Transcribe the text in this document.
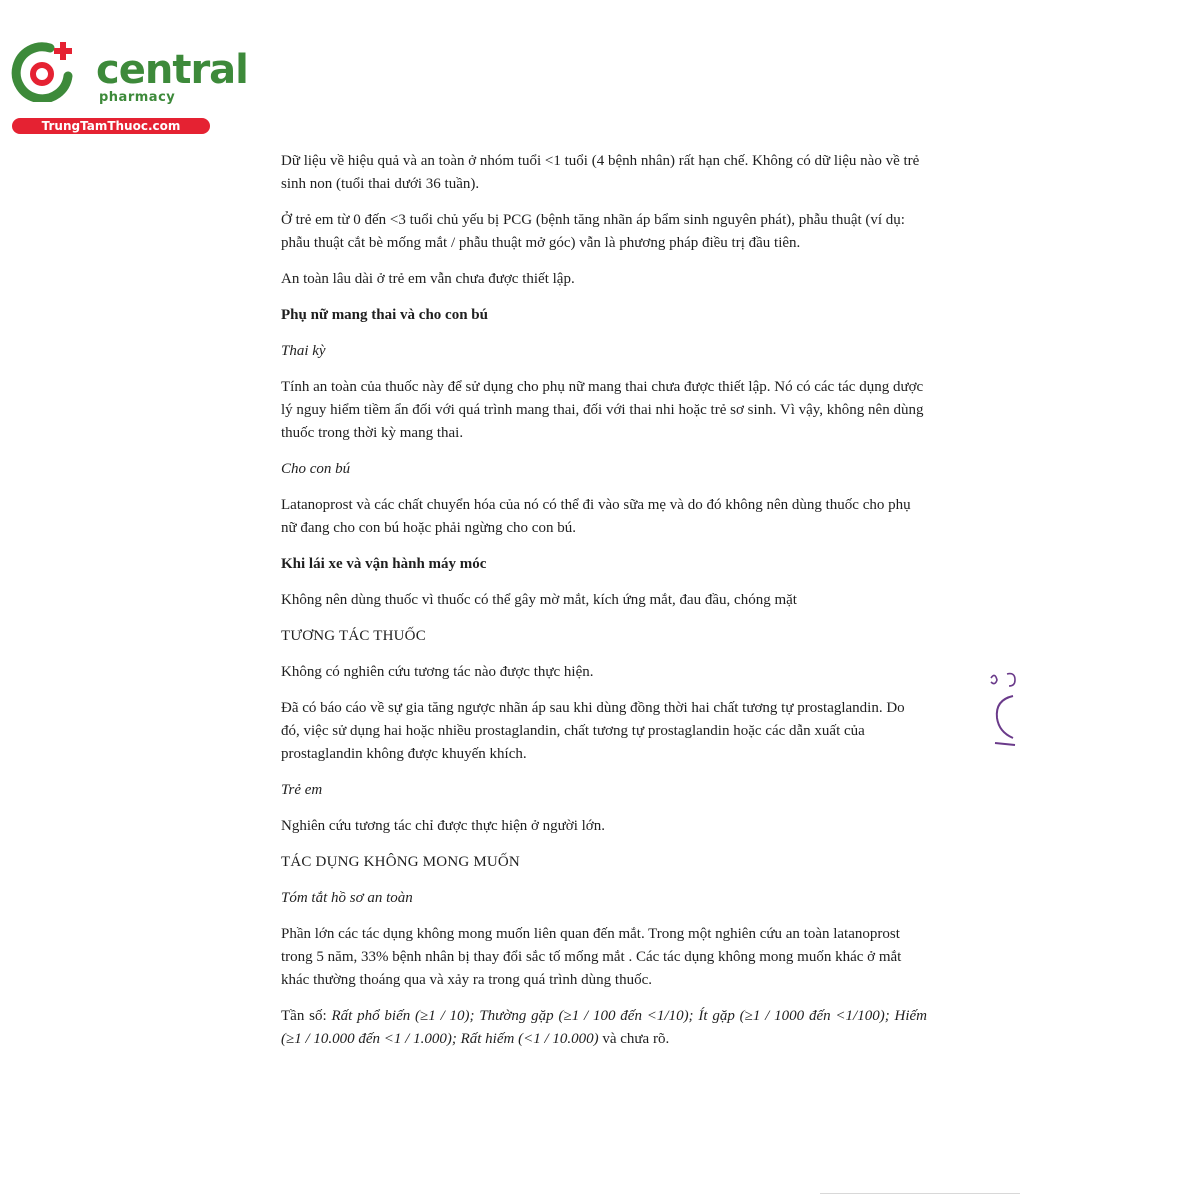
central
pharmacy
TrungTamThuoc.com

Dữ liệu về hiệu quả và an toàn ở nhóm tuổi <1 tuổi (4 bệnh nhân) rất hạn chế. Không có dữ liệu nào về trẻ sinh non (tuổi thai dưới 36 tuần).

Ở trẻ em từ 0 đến <3 tuổi chủ yếu bị PCG (bệnh tăng nhãn áp bẩm sinh nguyên phát), phẫu thuật (ví dụ: phẫu thuật cắt bè mống mắt / phẫu thuật mở góc) vẫn là phương pháp điều trị đầu tiên.

An toàn lâu dài ở trẻ em vẫn chưa được thiết lập.

Phụ nữ mang thai và cho con bú

Thai kỳ

Tính an toàn của thuốc này để sử dụng cho phụ nữ mang thai chưa được thiết lập. Nó có các tác dụng dược lý nguy hiểm tiềm ẩn đối với quá trình mang thai, đối với thai nhi hoặc trẻ sơ sinh. Vì vậy, không nên dùng thuốc trong thời kỳ mang thai.

Cho con bú

Latanoprost và các chất chuyển hóa của nó có thể đi vào sữa mẹ và do đó không nên dùng thuốc cho phụ nữ đang cho con bú hoặc phải ngừng cho con bú.

Khi lái xe và vận hành máy móc

Không nên dùng thuốc vì thuốc có thể gây mờ mắt, kích ứng mắt, đau đầu, chóng mặt

TƯƠNG TÁC THUỐC

Không có nghiên cứu tương tác nào được thực hiện.

Đã có báo cáo về sự gia tăng ngược nhãn áp sau khi dùng đồng thời hai chất tương tự prostaglandin. Do đó, việc sử dụng hai hoặc nhiều prostaglandin, chất tương tự prostaglandin hoặc các dẫn xuất của prostaglandin không được khuyến khích.

Trẻ em

Nghiên cứu tương tác chỉ được thực hiện ở người lớn.

TÁC DỤNG KHÔNG MONG MUỐN

Tóm tắt hồ sơ an toàn

Phần lớn các tác dụng không mong muốn liên quan đến mắt. Trong một nghiên cứu an toàn latanoprost trong 5 năm, 33% bệnh nhân bị thay đổi sắc tố mống mắt . Các tác dụng không mong muốn khác ở mắt khác thường thoáng qua và xảy ra trong quá trình dùng thuốc.

Tần số: Rất phổ biến (≥1 / 10); Thường gặp (≥1 / 100 đến <1/10); Ít gặp (≥1 / 1000 đến <1/100); Hiếm (≥1 / 10.000 đến <1 / 1.000); Rất hiếm (<1 / 10.000) và chưa rõ.
